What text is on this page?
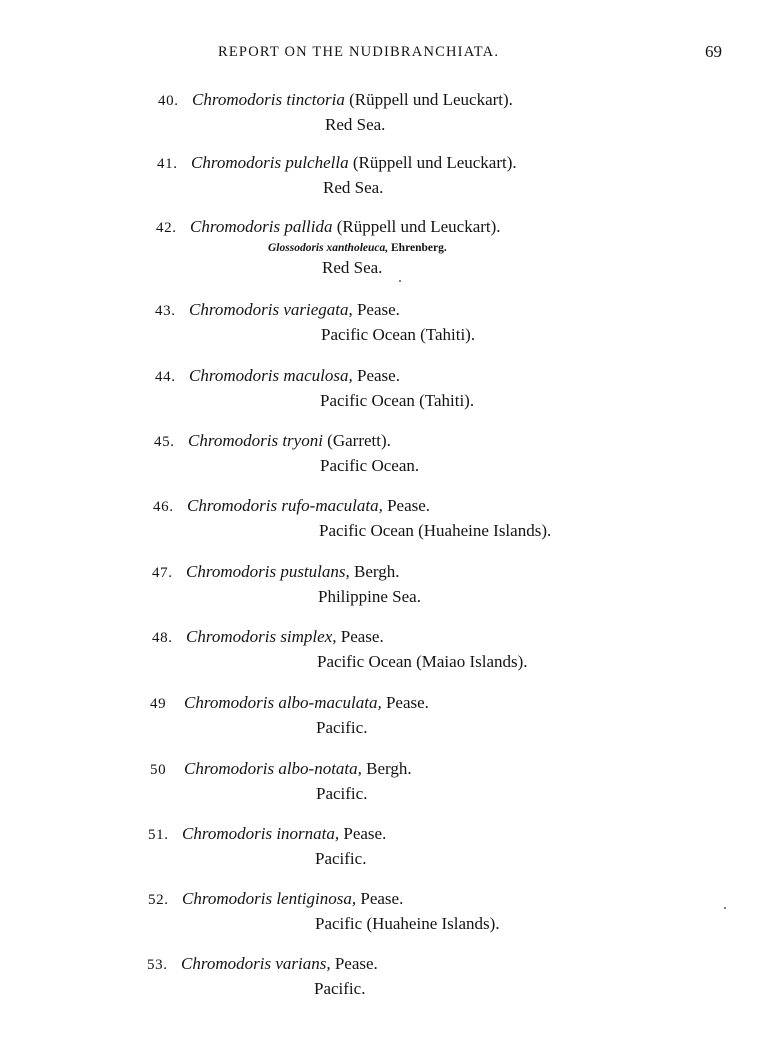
REPORT ON THE NUDIBRANCHIATA.	69
40. Chromodoris tinctoria (Rüppell und Leuckart).
Red Sea.
41. Chromodoris pulchella (Rüppell und Leuckart).
Red Sea.
42. Chromodoris pallida (Rüppell und Leuckart).
Glossodoris xantholeuca, Ehrenberg.
Red Sea.
43. Chromodoris variegata, Pease.
Pacific Ocean (Tahiti).
44. Chromodoris maculosa, Pease.
Pacific Ocean (Tahiti).
45. Chromodoris tryoni (Garrett).
Pacific Ocean.
46. Chromodoris rufo-maculata, Pease.
Pacific Ocean (Huaheine Islands).
47. Chromodoris pustulans, Bergh.
Philippine Sea.
48. Chromodoris simplex, Pease.
Pacific Ocean (Maiao Islands).
49 Chromodoris albo-maculata, Pease.
Pacific.
50 Chromodoris albo-notata, Bergh.
Pacific.
51. Chromodoris inornata, Pease.
Pacific.
52. Chromodoris lentiginosa, Pease.
Pacific (Huaheine Islands).
53. Chromodoris varians, Pease.
Pacific.
